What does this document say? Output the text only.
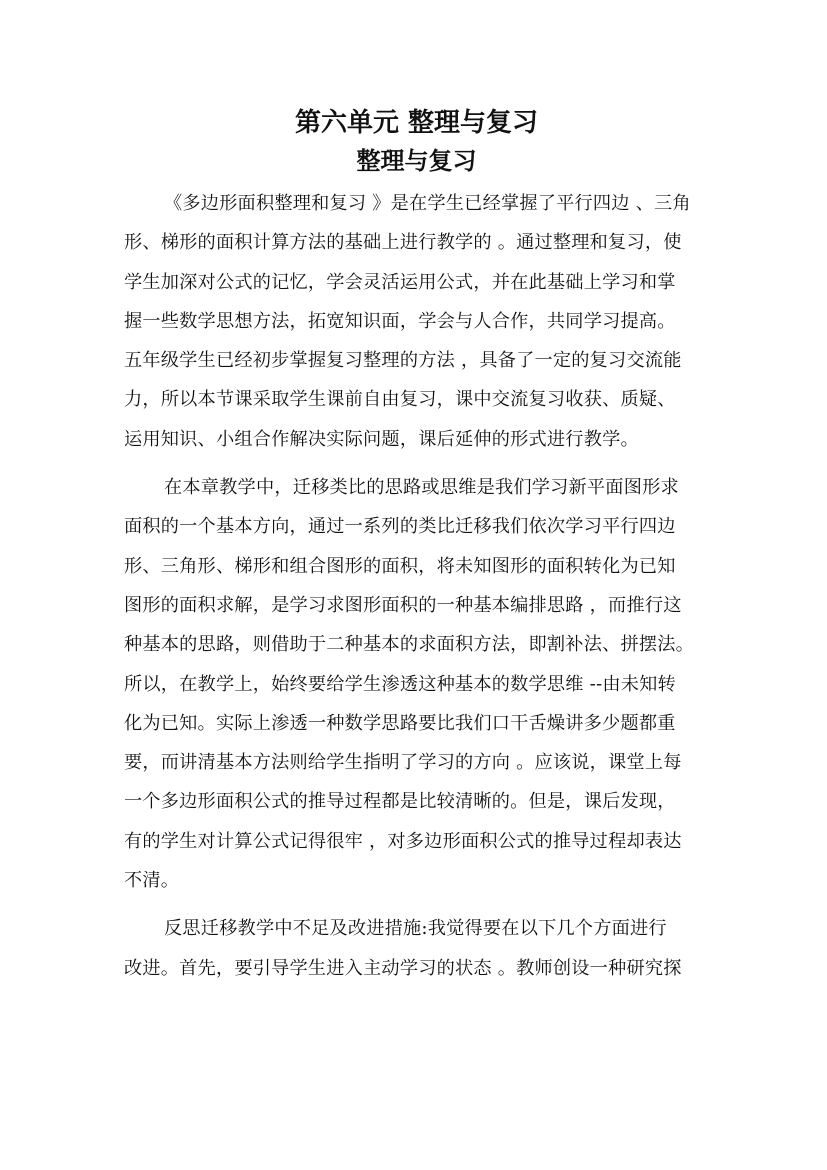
第六单元 整理与复习
整理与复习
《多边形面积整理和复习 》是在学生已经掌握了平行四边 、三角
形、梯形的面积计算方法的基础上进行教学的 。通过整理和复习，使
学生加深对公式的记忆，学会灵活运用公式，并在此基础上学习和掌
握一些数学思想方法，拓宽知识面，学会与人合作，共同学习提高。
五年级学生已经初步掌握复习整理的方法 ，具备了一定的复习交流能
力，所以本节课采取学生课前自由复习，课中交流复习收获、质疑、
运用知识、小组合作解决实际问题，课后延伸的形式进行教学。
在本章教学中，迁移类比的思路或思维是我们学习新平面图形求
面积的一个基本方向，通过一系列的类比迁移我们依次学习平行四边
形、三角形、梯形和组合图形的面积，将未知图形的面积转化为已知
图形的面积求解，是学习求图形面积的一种基本编排思路 ，而推行这
种基本的思路，则借助于二种基本的求面积方法，即割补法、拼摆法。
所以，在教学上，始终要给学生渗透这种基本的数学思维 --由未知转
化为已知。实际上渗透一种数学思路要比我们口干舌燥讲多少题都重
要，而讲清基本方法则给学生指明了学习的方向 。应该说，课堂上每
一个多边形面积公式的推导过程都是比较清晰的。但是，课后发现，
有的学生对计算公式记得很牢 ，对多边形面积公式的推导过程却表达
不清。
反思迁移教学中不足及改进措施:我觉得要在以下几个方面进行
改进。首先，要引导学生进入主动学习的状态 。教师创设一种研究探
